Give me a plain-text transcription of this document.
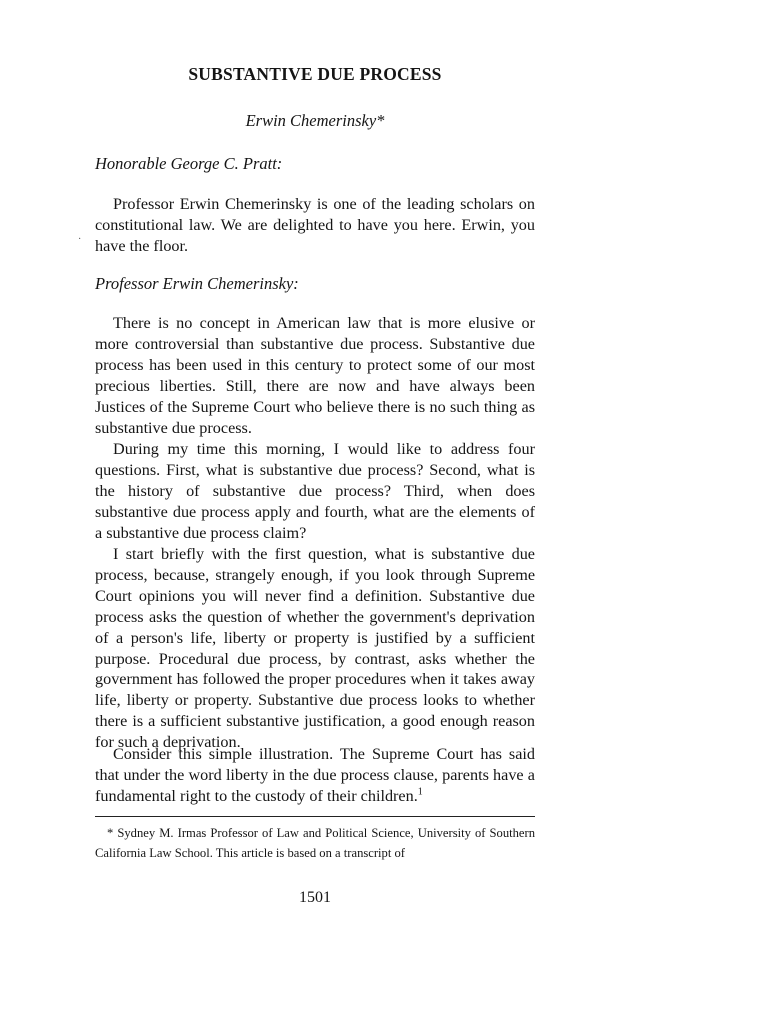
SUBSTANTIVE DUE PROCESS

Erwin Chemerinsky*

Honorable George C. Pratt:

Professor Erwin Chemerinsky is one of the leading scholars on constitutional law. We are delighted to have you here. Erwin, you have the floor.

·

Professor Erwin Chemerinsky:

There is no concept in American law that is more elusive or more controversial than substantive due process. Substantive due process has been used in this century to protect some of our most precious liberties. Still, there are now and have always been Justices of the Supreme Court who believe there is no such thing as substantive due process.

During my time this morning, I would like to address four questions. First, what is substantive due process? Second, what is the history of substantive due process? Third, when does substantive due process apply and fourth, what are the elements of a substantive due process claim?

I start briefly with the first question, what is substantive due process, because, strangely enough, if you look through Supreme Court opinions you will never find a definition. Substantive due process asks the question of whether the government's deprivation of a person's life, liberty or property is justified by a sufficient purpose. Procedural due process, by contrast, asks whether the government has followed the proper procedures when it takes away life, liberty or property. Substantive due process looks to whether there is a sufficient substantive justification, a good enough reason for such a deprivation.

Consider this simple illustration. The Supreme Court has said that under the word liberty in the due process clause, parents have a fundamental right to the custody of their children.$^1$

* Sydney M. Irmas Professor of Law and Political Science, University of Southern California Law School. This article is based on a transcript of

1501
